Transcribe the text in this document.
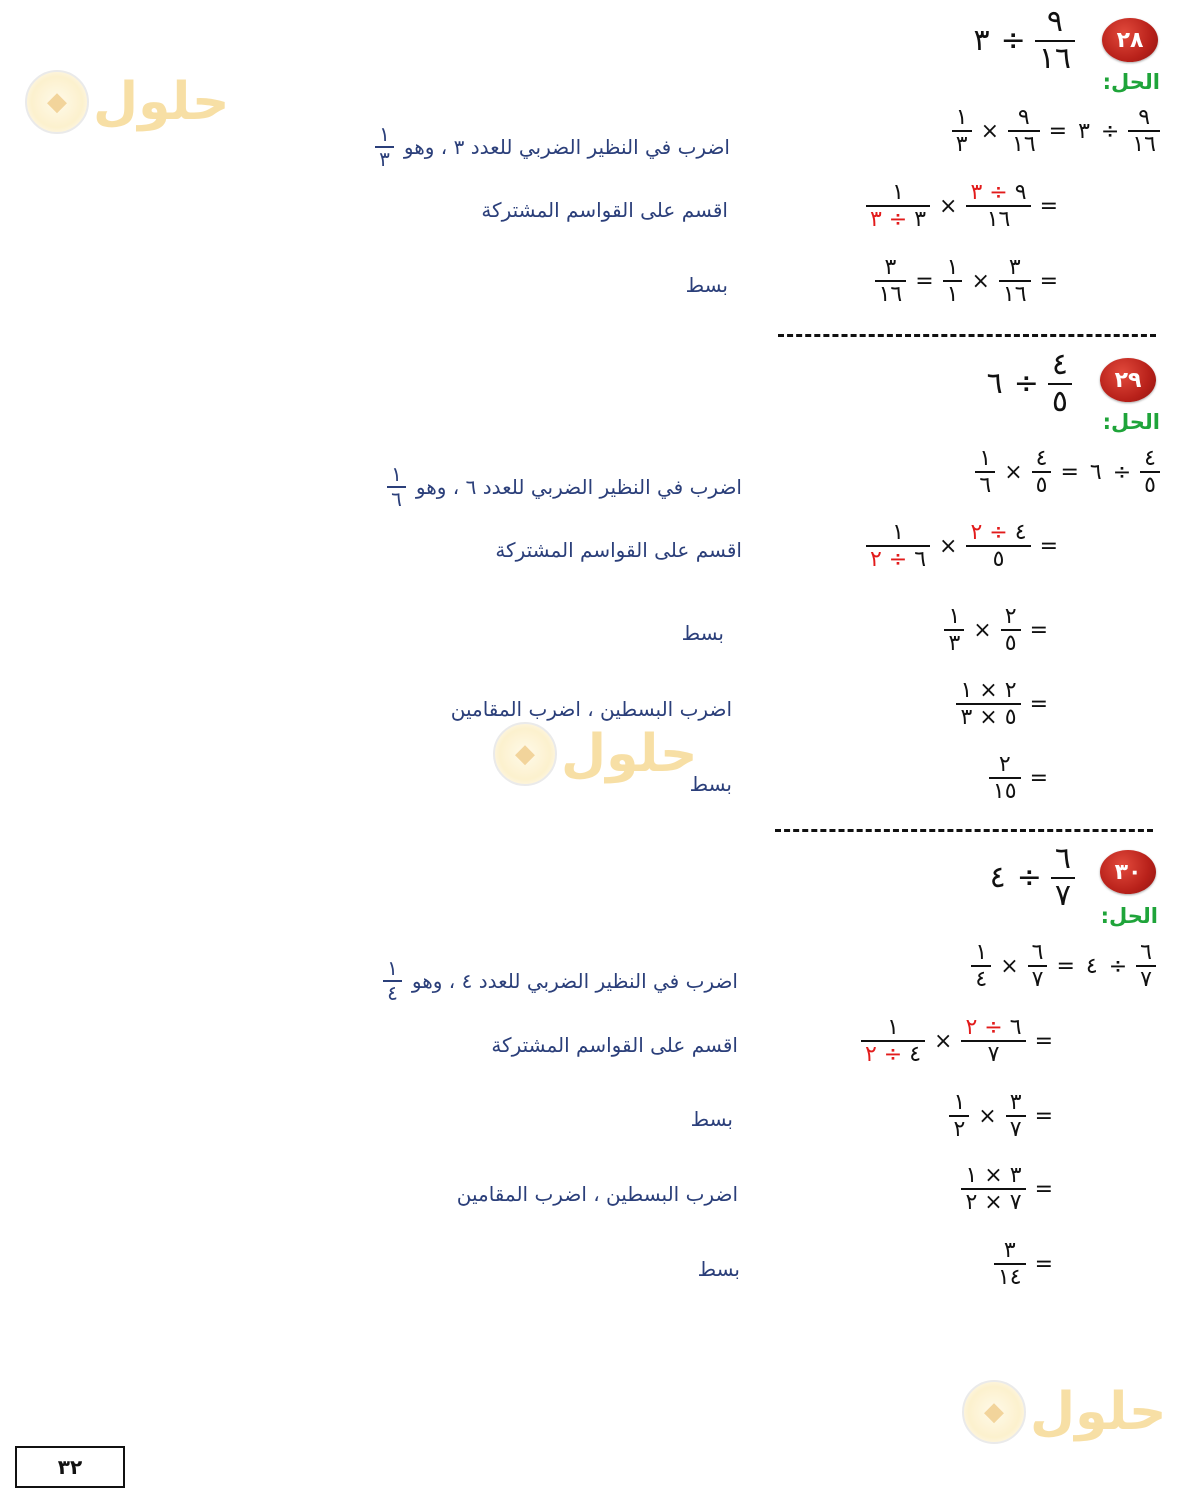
◆ حلول
◆ حلول
◆ حلول
٢٨
$\frac{٩}{١٦}$
÷
٣
الحل:
$\frac{٩}{١٦}$
÷
٣
=
$\frac{٩}{١٦}$
×
$\frac{١}{٣}$
اضرب في النظير الضربي للعدد ٣ ، وهو
$\frac{١}{٣}$
=
$\frac{٩ \div ٣}{١٦}$
×
$\frac{١}{٣ \div ٣}$
اقسم على القواسم المشتركة
=
$\frac{٣}{١٦}$
×
$\frac{١}{١}$
=
$\frac{٣}{١٦}$
بسط
٢٩
$\frac{٤}{٥}$
÷
٦
الحل:
$\frac{٤}{٥}$
÷
٦
=
$\frac{٤}{٥}$
×
$\frac{١}{٦}$
اضرب في النظير الضربي للعدد ٦ ، وهو
$\frac{١}{٦}$
=
$\frac{٤ \div ٢}{٥}$
×
$\frac{١}{٦ \div ٢}$
اقسم على القواسم المشتركة
=
$\frac{٢}{٥}$
×
$\frac{١}{٣}$
بسط
=
$\frac{٢ \times ١}{٥ \times ٣}$
اضرب البسطين ، اضرب المقامين
=
$\frac{٢}{١٥}$
بسط
٣٠
$\frac{٦}{٧}$
÷
٤
الحل:
$\frac{٦}{٧}$
÷
٤
=
$\frac{٦}{٧}$
×
$\frac{١}{٤}$
اضرب في النظير الضربي للعدد ٤ ، وهو
$\frac{١}{٤}$
=
$\frac{٦ \div ٢}{٧}$
×
$\frac{١}{٤ \div ٢}$
اقسم على القواسم المشتركة
=
$\frac{٣}{٧}$
×
$\frac{١}{٢}$
بسط
=
$\frac{٣ \times ١}{٧ \times ٢}$
اضرب البسطين ، اضرب المقامين
=
$\frac{٣}{١٤}$
بسط
٣٢
